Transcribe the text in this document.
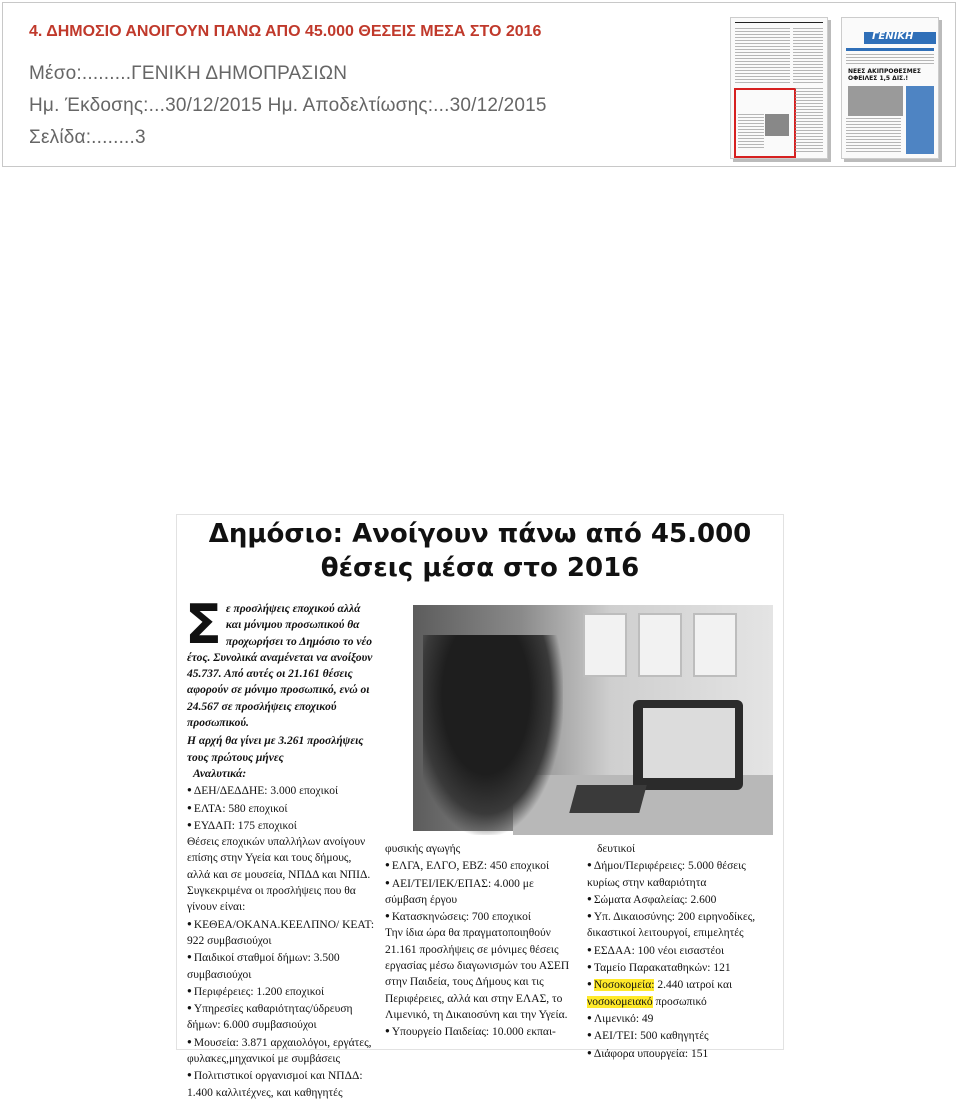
4. ΔΗΜΟΣΙΟ ΑΝΟΙΓΟΥΝ ΠΑΝΩ ΑΠΟ 45.000 ΘΕΣΕΙΣ ΜΕΣΑ ΣΤΟ 2016
Μέσο:.........ΓΕΝΙΚΗ ΔΗΜΟΠΡΑΣΙΩΝ
Ημ. Έκδοσης:...30/12/2015 Ημ. Αποδελτίωσης:...30/12/2015
Σελίδα:........3
ΓΕΝΙΚΗ
ΝΕΕΣ ΑΚΙΠΡΟΘΕΣΜΕΣ ΟΦΕΙΛΕΣ 1,5 ΔΙΣ.!
Δημόσιο: Ανοίγουν πάνω από 45.000
θέσεις μέσα στο 2016

Σε προσλήψεις εποχικού αλλά και μόνιμου προσωπικού θα προχωρήσει το Δημόσιο το νέο έτος. Συνολικά αναμένεται να ανοίξουν 45.737. Από αυτές οι 21.161 θέσεις αφορούν σε μόνιμο προσωπικό, ενώ οι 24.567 σε προσλήψεις εποχικού προσωπικού.

Η αρχή θα γίνει με 3.261 προσλήψεις τους πρώτους μήνες

Αναλυτικά:

● ΔΕΗ/ΔΕΔΔΗΕ: 3.000 εποχικοί

● ΕΛΤΑ: 580 εποχικοί

● ΕΥΔΑΠ: 175 εποχικοί

Θέσεις εποχικών υπαλλήλων ανοίγουν επίσης στην Υγεία και τους δήμους, αλλά και σε μουσεία, ΝΠΔΔ και ΝΠΙΔ. Συγκεκριμένα οι προσλήψεις που θα γίνουν είναι:

● ΚΕΘΕΑ/ΟΚΑΝΑ.ΚΕΕΛΠΝΟ/ ΚΕΑΤ: 922 συμβασιούχοι

● Παιδικοί σταθμοί δήμων: 3.500 συμβασιούχοι

● Περιφέρειες: 1.200 εποχικοί

● Υπηρεσίες καθαριότητας/ύδρευση δήμων: 6.000 συμβασιούχοι

● Μουσεία: 3.871 αρχαιολόγοι, εργάτες, φυλακες,μηχανικοί με συμβάσεις

● Πολιτιστικοί οργανισμοί και ΝΠΔΔ: 1.400 καλλιτέχνες, και καθηγητές

φυσικής αγωγής

● ΕΛΓΑ, ΕΛΓΟ, ΕΒΖ: 450 εποχικοί

● ΑΕΙ/ΤΕΙ/ΙΕΚ/ΕΠΑΣ: 4.000 με σύμβαση έργου

● Κατασκηνώσεις: 700 εποχικοί

Την ίδια ώρα θα πραγματοποιηθούν 21.161 προσλήψεις σε μόνιμες θέσεις εργασίας μέσω διαγωνισμών του ΑΣΕΠ στην Παιδεία, τους Δήμους και τις Περιφέρειες, αλλά και στην ΕΛΑΣ, το Λιμενικό, τη Δικαιοσύνη και την Υγεία.

● Υπουργείο Παιδείας: 10.000 εκπαι-

δευτικοί

● Δήμοι/Περιφέρειες: 5.000 θέσεις κυρίως στην καθαριότητα

● Σώματα Ασφαλείας: 2.600

● Υπ. Δικαιοσύνης: 200 ειρηνοδίκες, δικαστικοί λειτουργοί, επιμελητές

● ΕΣΔΑΑ: 100 νέοι εισαστέοι

● Ταμείο Παρακαταθηκών: 121

● Νοσοκομεία: 2.440 ιατροί και νοσοκομειακό προσωπικό

● Λιμενικό: 49

● ΑΕΙ/ΤΕΙ: 500 καθηγητές

● Διάφορα υπουργεία: 151
